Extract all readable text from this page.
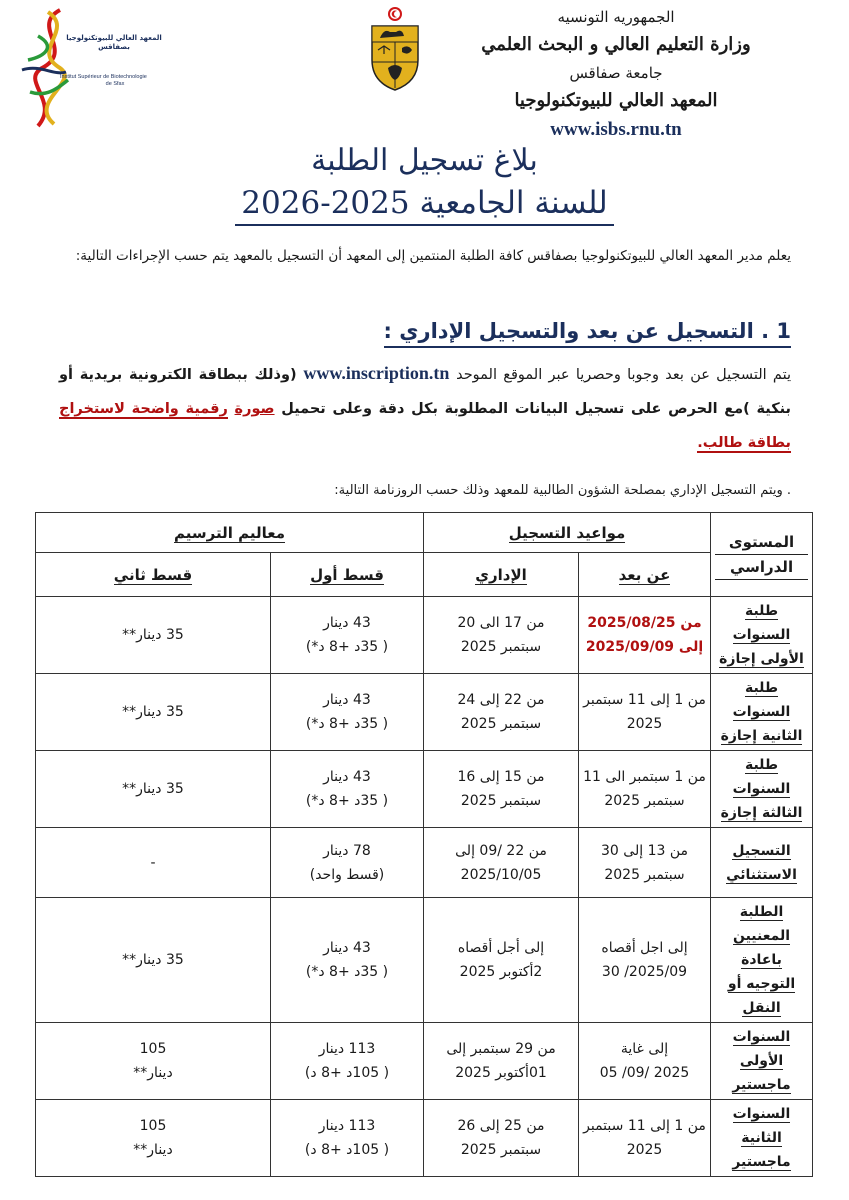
الجمهوريه التونسيه
وزارة التعليم العالي و البحث العلمي
جامعة صفاقس
المعهد العالي للبيوتكنولوجيا
www.isbs.rnu.tn
المعهد العالي للبيوتكنولوجيا
بصفاقس
Institut Supérieur de Biotechnologie
de Sfax
بلاغ تسجيل الطلبة
للسنة الجامعية 2025-2026

يعلم مدير المعهد العالي للبيوتكنولوجيا بصفاقس كافة الطلبة المنتمين إلى المعهد أن التسجيل بالمعهد يتم حسب الإجراءات التالية:

1 . التسجيل عن بعد والتسجيل الإداري :

يتم التسجيل عن بعد وجوبا وحصريا عبر الموقع الموحد www.inscription.tn (وذلك ببطاقة الكترونية بريدية أو بنكية )مع الحرص على تسجيل البيانات المطلوبة بكل دقة وعلى تحميل صورة رقمية واضحة لاستخراج بطاقة طالب.

. ويتم التسجيل الإداري بمصلحة الشؤون الطالبية للمعهد وذلك حسب الروزنامة التالية:

المستوى
الدراسي	مواعيد التسجيل		معاليم الترسيم	
	عن بعد	الإداري	قسط أول	قسط ثاني
طلبة السنوات الأولى إجازة	من 2025/08/25
إلى 2025/09/09	من 17 الى 20
سبتمبر 2025	43 دينار
( 35د +8 د*)	35 دينار**

طلبة السنوات الثانية إجازة	من 1 إلى 11 سبتمبر
2025	من 22 إلى 24
سبتمبر 2025	43 دينار
( 35د +8 د*)	35 دينار**

طلبة السنوات الثالثة إجازة	من 1 سبتمبر الى 11
سبتمبر 2025	من 15 إلى 16
سبتمبر 2025	43 دينار
( 35د +8 د*)	35 دينار**

التسجيل الاستثنائي	من 13 إلى 30
سبتمبر 2025	من 22 /09 إلى
2025/10/05	78 دينار
(قسط واحد)	-

الطلبة المعنيين باعادة التوجيه أو النقل	إلى اجل أقصاه
2025/09/ 30	إلى أجل أقصاه
2أكتوبر 2025	43 دينار
( 35د +8 د*)	35 دينار**

السنوات الأولى ماجستير	إلى غاية
2025 /09/ 05	من 29 سبتمبر إلى
01أكتوبر 2025	113 دينار
( 105د +8 د)	105
دينار**

السنوات الثانية ماجستير	من 1 إلى 11 سبتمبر
2025	من 25 إلى 26
سبتمبر 2025	113 دينار
( 105د +8 د)	105
دينار**
